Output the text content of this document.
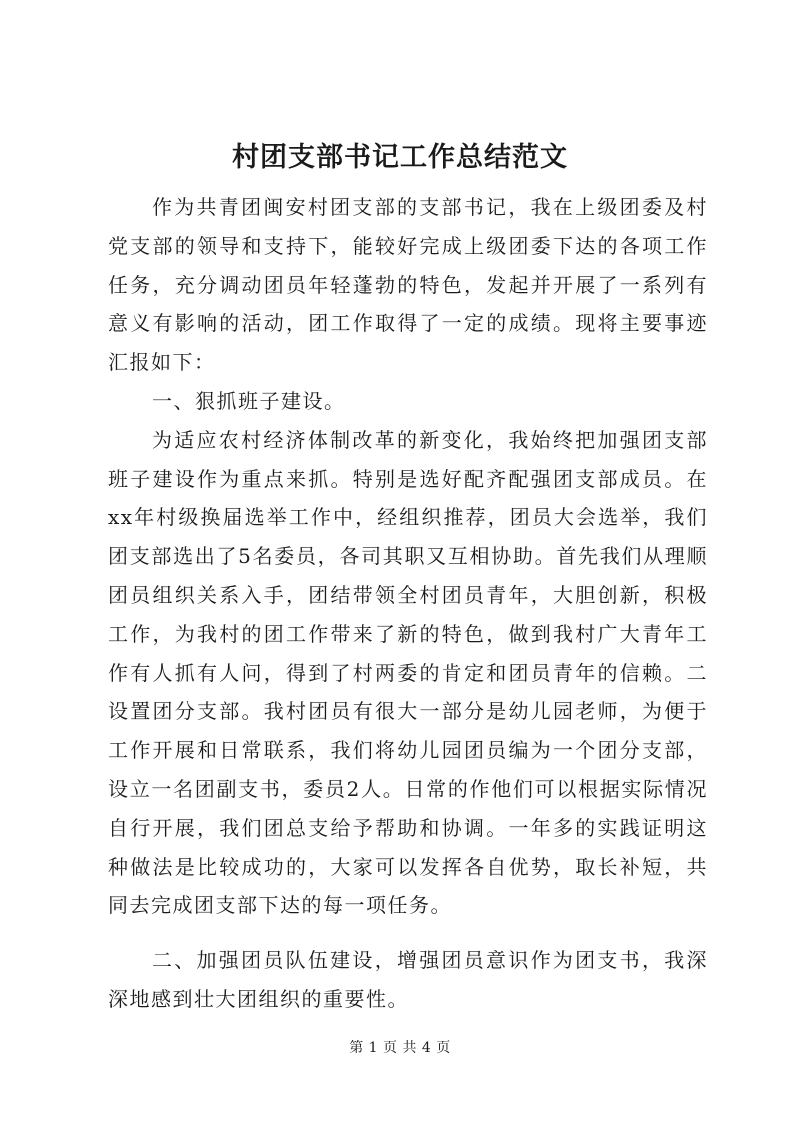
村团支部书记工作总结范文

作为共青团闽安村团支部的支部书记，我在上级团委及村党支部的领导和支持下，能较好完成上级团委下达的各项工作任务，充分调动团员年轻蓬勃的特色，发起并开展了一系列有意义有影响的活动，团工作取得了一定的成绩。现将主要事迹汇报如下：

一、狠抓班子建设。

为适应农村经济体制改革的新变化，我始终把加强团支部班子建设作为重点来抓。特别是选好配齐配强团支部成员。在xx年村级换届选举工作中，经组织推荐，团员大会选举，我们团支部选出了5名委员，各司其职又互相协助。首先我们从理顺团员组织关系入手，团结带领全村团员青年，大胆创新，积极工作，为我村的团工作带来了新的特色，做到我村广大青年工作有人抓有人问，得到了村两委的肯定和团员青年的信赖。二设置团分支部。我村团员有很大一部分是幼儿园老师，为便于工作开展和日常联系，我们将幼儿园团员编为一个团分支部，设立一名团副支书，委员2人。日常的作他们可以根据实际情况自行开展，我们团总支给予帮助和协调。一年多的实践证明这种做法是比较成功的，大家可以发挥各自优势，取长补短，共同去完成团支部下达的每一项任务。

二、加强团员队伍建设，增强团员意识作为团支书，我深深地感到壮大团组织的重要性。

第 1 页 共 4 页
